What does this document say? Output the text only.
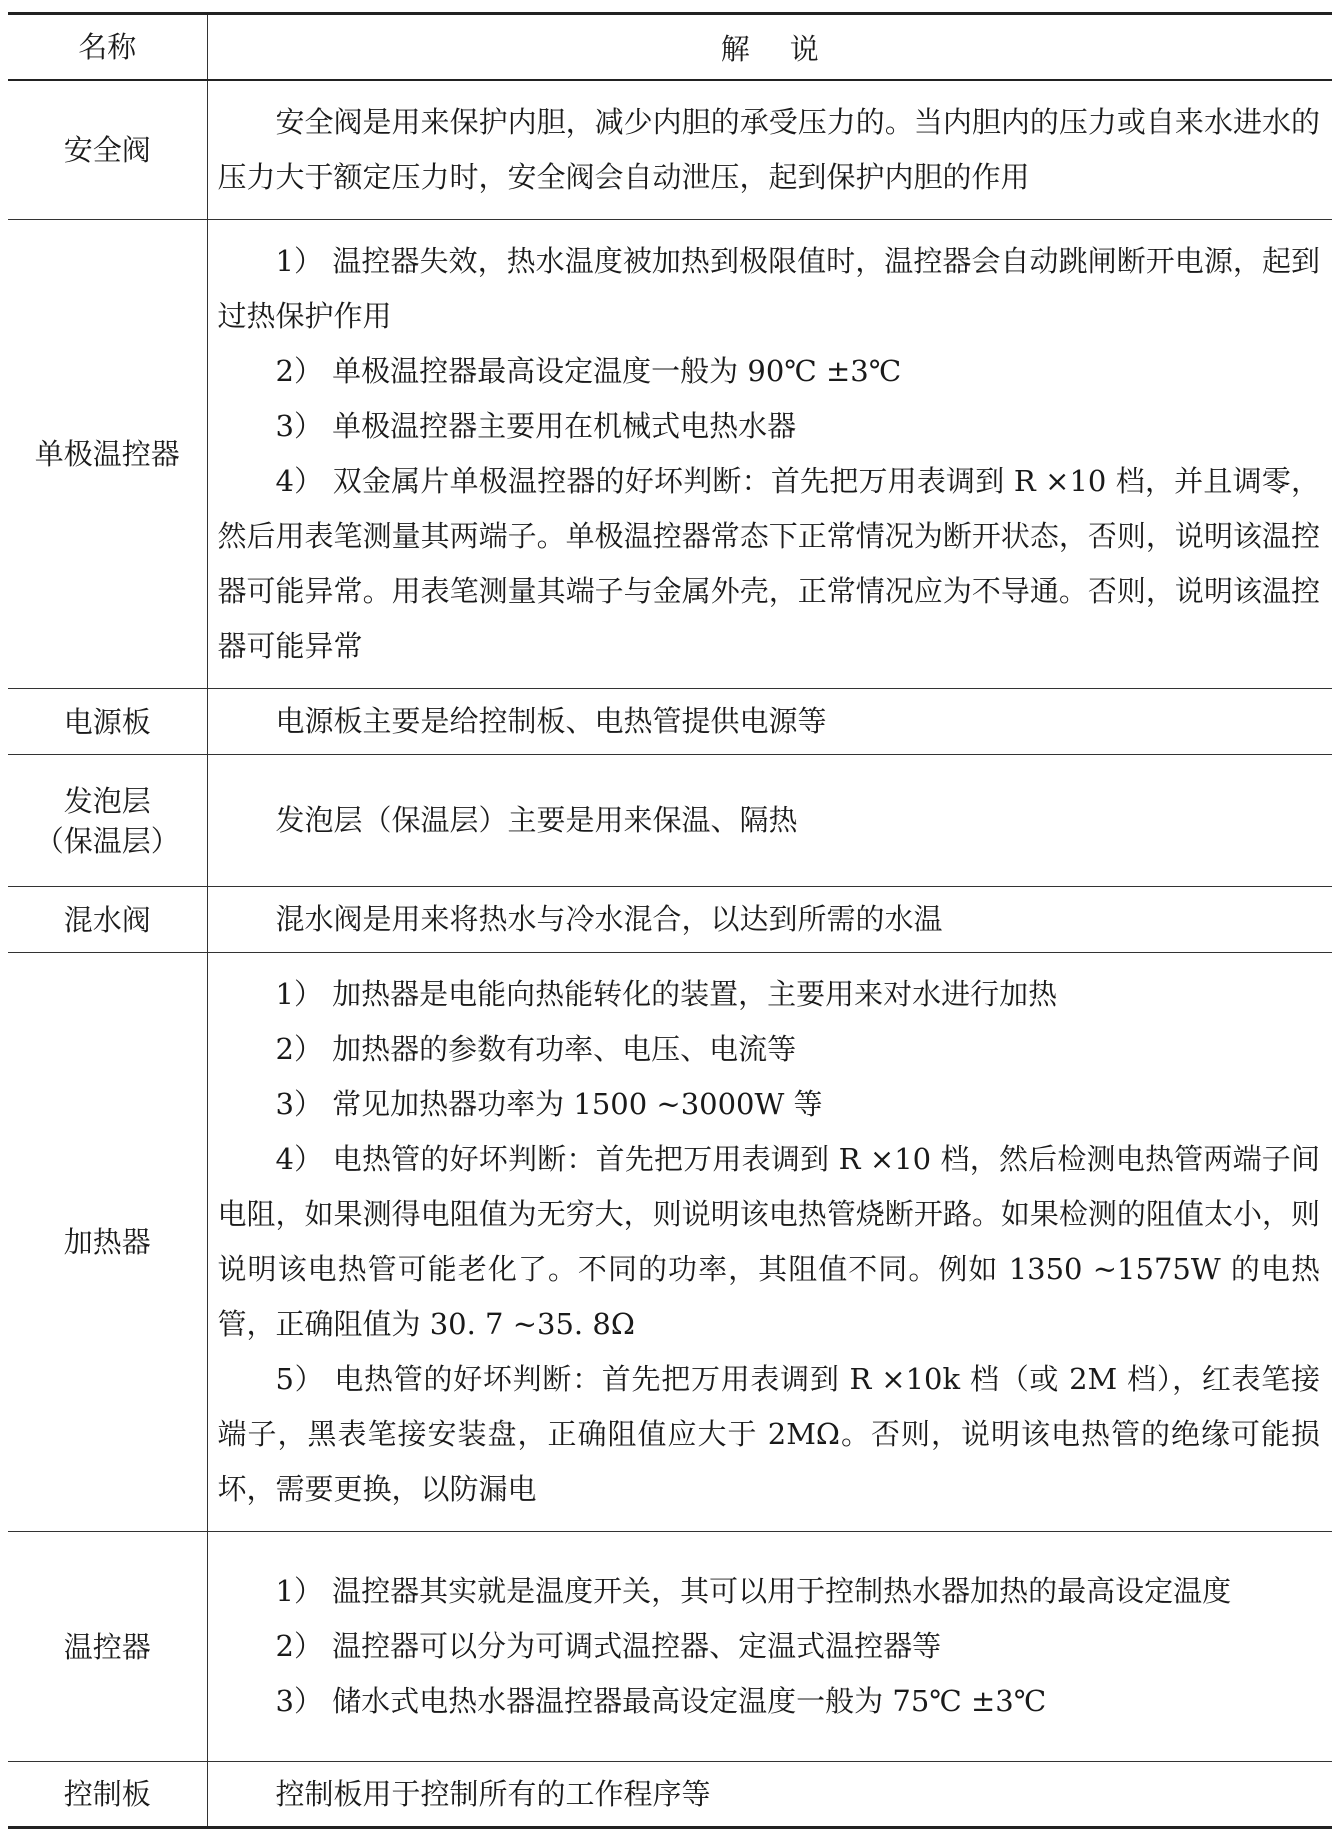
名称	解说
安全阀	安全阀是用来保护内胆，减少内胆的承受压力的。当内胆内的压力或自来水进水的压力大于额定压力时，安全阀会自动泄压，起到保护内胆的作用

单极温控器	1） 温控器失效，热水温度被加热到极限值时，温控器会自动跳闸断开电源，起到过热保护作用

2） 单极温控器最高设定温度一般为 90℃ ±3℃

3） 单极温控器主要用在机械式电热水器

4） 双金属片单极温控器的好坏判断：首先把万用表调到 R ×10 档，并且调零，然后用表笔测量其两端子。单极温控器常态下正常情况为断开状态，否则，说明该温控器可能异常。用表笔测量其端子与金属外壳，正常情况应为不导通。否则，说明该温控器可能异常

电源板	电源板主要是给控制板、电热管提供电源等

发泡层
（保温层）	发泡层（保温层）主要是用来保温、隔热

混水阀	混水阀是用来将热水与冷水混合，以达到所需的水温

加热器	1） 加热器是电能向热能转化的装置，主要用来对水进行加热

2） 加热器的参数有功率、电压、电流等

3） 常见加热器功率为 1500 ~3000W 等

4） 电热管的好坏判断：首先把万用表调到 R ×10 档，然后检测电热管两端子间电阻，如果测得电阻值为无穷大，则说明该电热管烧断开路。如果检测的阻值太小，则说明该电热管可能老化了。不同的功率，其阻值不同。例如 1350 ~1575W 的电热管，正确阻值为 30. 7 ~35. 8Ω

5） 电热管的好坏判断：首先把万用表调到 R ×10k 档（或 2M 档），红表笔接端子，黑表笔接安装盘，正确阻值应大于 2MΩ。否则，说明该电热管的绝缘可能损坏，需要更换，以防漏电

温控器	1） 温控器其实就是温度开关，其可以用于控制热水器加热的最高设定温度

2） 温控器可以分为可调式温控器、定温式温控器等

3） 储水式电热水器温控器最高设定温度一般为 75℃ ±3℃

控制板	控制板用于控制所有的工作程序等
